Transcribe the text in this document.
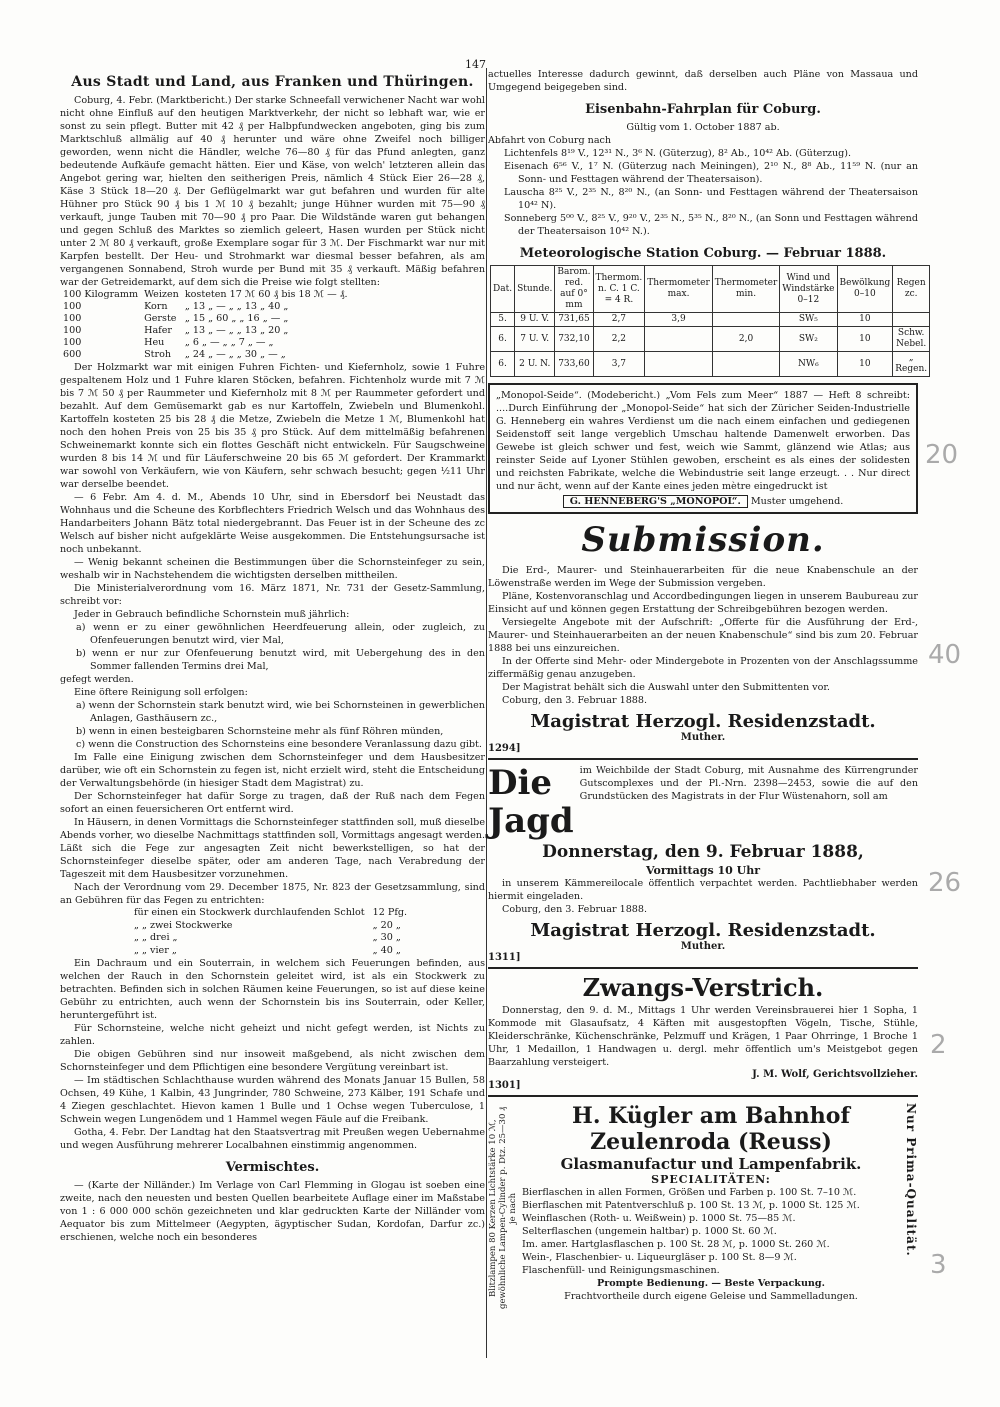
147
Aus Stadt und Land, aus Franken und Thüringen.

Coburg, 4. Febr. (Marktbericht.) Der starke Schneefall verwichener Nacht war wohl nicht ohne Einfluß auf den heutigen Marktverkehr, der nicht so lebhaft war, wie er sonst zu sein pflegt. Butter mit 42 ₰ per Halbpfundwecken angeboten, ging bis zum Marktschluß allmälig auf 40 ₰ herunter und wäre ohne Zweifel noch billiger geworden, wenn nicht die Händler, welche 76—80 ₰ für das Pfund anlegten, ganz bedeutende Aufkäufe gemacht hätten. Eier und Käse, von welch' letzteren allein das Angebot gering war, hielten den seitherigen Preis, nämlich 4 Stück Eier 26—28 ₰, Käse 3 Stück 18—20 ₰. Der Geflügelmarkt war gut befahren und wurden für alte Hühner pro Stück 90 ₰ bis 1 ℳ 10 ₰ bezahlt; junge Hühner wurden mit 75—90 ₰ verkauft, junge Tauben mit 70—90 ₰ pro Paar. Die Wildstände waren gut behangen und gegen Schluß des Marktes so ziemlich geleert, Hasen wurden per Stück nicht unter 2 ℳ 80 ₰ verkauft, große Exemplare sogar für 3 ℳ. Der Fischmarkt war nur mit Karpfen bestellt. Der Heu- und Strohmarkt war diesmal besser befahren, als am vergangenen Sonnabend, Stroh wurde per Bund mit 35 ₰ verkauft. Mäßig befahren war der Getreidemarkt, auf dem sich die Preise wie folgt stellten:

100 Kilogramm	Weizen	kosteten 17 ℳ 60 ₰ bis 18 ℳ — ₰.
100	Korn	„ 13 „ — „ „ 13 „ 40 „
100	Gerste	„ 15 „ 60 „ „ 16 „ — „
100	Hafer	„ 13 „ — „ „ 13 „ 20 „
100	Heu	„ 6 „ — „ „ 7 „ — „
600	Stroh	„ 24 „ — „ „ 30 „ — „

Der Holzmarkt war mit einigen Fuhren Fichten- und Kiefernholz, sowie 1 Fuhre gespaltenem Holz und 1 Fuhre klaren Stöcken, befahren. Fichtenholz wurde mit 7 ℳ bis 7 ℳ 50 ₰ per Raummeter und Kiefernholz mit 8 ℳ per Raummeter gefordert und bezahlt. Auf dem Gemüsemarkt gab es nur Kartoffeln, Zwiebeln und Blumenkohl. Kartoffeln kosteten 25 bis 28 ₰ die Metze, Zwiebeln die Metze 1 ℳ, Blumenkohl hat noch den hohen Preis von 25 bis 35 ₰ pro Stück. Auf dem mittelmäßig befahrenen Schweinemarkt konnte sich ein flottes Geschäft nicht entwickeln. Für Saugschweine wurden 8 bis 14 ℳ und für Läuferschweine 20 bis 65 ℳ gefordert. Der Krammarkt war sowohl von Verkäufern, wie von Käufern, sehr schwach besucht; gegen ½11 Uhr war derselbe beendet.

— 6 Febr. Am 4. d. M., Abends 10 Uhr, sind in Ebersdorf bei Neustadt das Wohnhaus und die Scheune des Korbflechters Friedrich Welsch und das Wohnhaus des Handarbeiters Johann Bätz total niedergebrannt. Das Feuer ist in der Scheune des zc Welsch auf bisher nicht aufgeklärte Weise ausgekommen. Die Entstehungsursache ist noch unbekannt.

— Wenig bekannt scheinen die Bestimmungen über die Schornsteinfeger zu sein, weshalb wir in Nachstehendem die wichtigsten derselben mittheilen.

Die Ministerialverordnung vom 16. März 1871, Nr. 731 der Gesetz-Sammlung, schreibt vor:

Jeder in Gebrauch befindliche Schornstein muß jährlich:

a) wenn er zu einer gewöhnlichen Heerdfeuerung allein, oder zugleich, zu Ofenfeuerungen benutzt wird, vier Mal,

b) wenn er nur zur Ofenfeuerung benutzt wird, mit Uebergehung des in den Sommer fallenden Termins drei Mal,

gefegt werden.

Eine öftere Reinigung soll erfolgen:

a) wenn der Schornstein stark benutzt wird, wie bei Schornsteinen in gewerblichen Anlagen, Gasthäusern zc.,

b) wenn in einen besteigbaren Schornsteine mehr als fünf Röhren münden,

c) wenn die Construction des Schornsteins eine besondere Veranlassung dazu gibt.

Im Falle eine Einigung zwischen dem Schornsteinfeger und dem Hausbesitzer darüber, wie oft ein Schornstein zu fegen ist, nicht erzielt wird, steht die Entscheidung der Verwaltungsbehörde (in hiesiger Stadt dem Magistrat) zu.

Der Schornsteinfeger hat dafür Sorge zu tragen, daß der Ruß nach dem Fegen sofort an einen feuersicheren Ort entfernt wird.

In Häusern, in denen Vormittags die Schornsteinfeger stattfinden soll, muß dieselbe Abends vorher, wo dieselbe Nachmittags stattfinden soll, Vormittags angesagt werden. Läßt sich die Fege zur angesagten Zeit nicht bewerkstelligen, so hat der Schornsteinfeger dieselbe später, oder am anderen Tage, nach Verabredung der Tageszeit mit dem Hausbesitzer vorzunehmen.

Nach der Verordnung vom 29. December 1875, Nr. 823 der Gesetzsammlung, sind an Gebühren für das Fegen zu entrichten:

für einen ein Stockwerk durchlaufenden Schlot	12 Pfg.
„ „ zwei Stockwerke	„ 20 „
„ „ drei „	„ 30 „
„ „ vier „	„ 40 „

Ein Dachraum und ein Souterrain, in welchem sich Feuerungen befinden, aus welchen der Rauch in den Schornstein geleitet wird, ist als ein Stockwerk zu betrachten. Befinden sich in solchen Räumen keine Feuerungen, so ist auf diese keine Gebühr zu entrichten, auch wenn der Schornstein bis ins Souterrain, oder Keller, heruntergeführt ist.

Für Schornsteine, welche nicht geheizt und nicht gefegt werden, ist Nichts zu zahlen.

Die obigen Gebühren sind nur insoweit maßgebend, als nicht zwischen dem Schornsteinfeger und dem Pflichtigen eine besondere Vergütung vereinbart ist.

— Im städtischen Schlachthause wurden während des Monats Januar 15 Bullen, 58 Ochsen, 49 Kühe, 1 Kalbin, 43 Jungrinder, 780 Schweine, 273 Kälber, 191 Schafe und 4 Ziegen geschlachtet. Hievon kamen 1 Bulle und 1 Ochse wegen Tuberculose, 1 Schwein wegen Lungenödem und 1 Hammel wegen Fäule auf die Freibank.

Gotha, 4. Febr. Der Landtag hat den Staatsvertrag mit Preußen wegen Uebernahme und wegen Ausführung mehrerer Localbahnen einstimmig angenommen.

Vermischtes.

— (Karte der Nilländer.) Im Verlage von Carl Flemming in Glogau ist soeben eine zweite, nach den neuesten und besten Quellen bearbeitete Auflage einer im Maßstabe von 1 : 6 000 000 schön gezeichneten und klar gedruckten Karte der Nilländer vom Aequator bis zum Mittelmeer (Aegypten, ägyptischer Sudan, Kordofan, Darfur zc.) erschienen, welche noch ein besonderes

actuelles Interesse dadurch gewinnt, daß derselben auch Pläne von Massaua und Umgegend beigegeben sind.

Eisenbahn-Fahrplan für Coburg.

Gültig vom 1. October 1887 ab.

Abfahrt von Coburg nach

Lichtenfels 8¹⁹ V., 12³¹ N., 3⁶ N. (Güterzug), 8² Ab., 10⁴² Ab. (Güterzug).

Eisenach 6⁵⁶ V., 1⁷ N. (Güterzug nach Meiningen), 2¹⁰ N., 8⁸ Ab., 11⁵⁹ N. (nur an Sonn- und Festtagen während der Theatersaison).

Lauscha 8²⁵ V., 2³⁵ N., 8²⁰ N., (an Sonn- und Festtagen während der Theatersaison 10⁴² N).

Sonneberg 5⁰⁰ V., 8²⁵ V., 9²⁰ V., 2³⁵ N., 5³⁵ N., 8²⁰ N., (an Sonn und Festtagen während der Theatersaison 10⁴² N.).

Meteorologische Station Coburg. — Februar 1888.
Dat.	Stunde.	Barom. red. auf 0° mm	Thermom. n. C. 1 C. = 4 R.	Thermometer max.	Thermometer min.	Wind und Windstärke 0–12	Bewölkung 0–10	Regen zc.
5.	9 U. V.	731,65	2,7	3,9		SW₅	10	
6.	7 U. V.	732,10	2,2		2,0	SW₂	10	Schw. Nebel.
6.	2 U. N.	733,60	3,7			NW₆	10	„ Regen.

„Monopol-Seide“. (Modebericht.) „Vom Fels zum Meer“ 1887 — Heft 8 schreibt: ....Durch Einführung der „Monopol-Seide“ hat sich der Züricher Seiden-Industrielle G. Henneberg ein wahres Verdienst um die nach einem einfachen und gediegenen Seidenstoff seit lange vergeblich Umschau haltende Damenwelt erworben. Das Gewebe ist gleich schwer und fest, weich wie Sammt, glänzend wie Atlas; aus reinster Seide auf Lyoner Stühlen gewoben, erscheint es als eines der solidesten und reichsten Fabrikate, welche die Webindustrie seit lange erzeugt. . . Nur direct und nur ächt, wenn auf der Kante eines jeden mètre eingedruckt ist

G. HENNEBERG'S „MONOPOL“. Muster umgehend.

Submission.

Die Erd-, Maurer- und Steinhauerarbeiten für die neue Knabenschule an der Löwenstraße werden im Wege der Submission vergeben.

Pläne, Kostenvoranschlag und Accordbedingungen liegen in unserem Baubureau zur Einsicht auf und können gegen Erstattung der Schreibgebühren bezogen werden.

Versiegelte Angebote mit der Aufschrift: „Offerte für die Ausführung der Erd-, Maurer- und Steinhauerarbeiten an der neuen Knabenschule“ sind bis zum 20. Februar 1888 bei uns einzureichen.

In der Offerte sind Mehr- oder Mindergebote in Prozenten von der Anschlagssumme ziffermäßig genau anzugeben.

Der Magistrat behält sich die Auswahl unter den Submittenten vor.

Coburg, den 3. Februar 1888.

Magistrat Herzogl. Residenzstadt.
Muther.
1294]
Die Jagd

im Weichbilde der Stadt Coburg, mit Ausnahme des Kürrengrunder Gutscomplexes und der Pl.-Nrn. 2398—2453, sowie die auf den Grundstücken des Magistrats in der Flur Wüstenahorn, soll am

Donnerstag, den 9. Februar 1888,
Vormittags 10 Uhr

in unserem Kämmereilocale öffentlich verpachtet werden. Pachtliebhaber werden hiermit eingeladen.

Coburg, den 3. Februar 1888.

Magistrat Herzogl. Residenzstadt.
Muther.
1311]
Zwangs-Verstrich.

Donnerstag, den 9. d. M., Mittags 1 Uhr werden Vereinsbrauerei hier 1 Sopha, 1 Kommode mit Glasaufsatz, 4 Käften mit ausgestopften Vögeln, Tische, Stühle, Kleiderschränke, Küchenschränke, Pelzmuff und Krägen, 1 Paar Ohrringe, 1 Broche 1 Uhr, 1 Medaillon, 1 Handwagen u. dergl. mehr öffentlich um's Meistgebot gegen Baarzahlung versteigert.

J. M. Wolf, Gerichtsvollzieher.
1301]
Blitzlampen 80 Kerzen Lichtstärke 10 ℳ, gewöhnliche Lampen-Cylinder p. Dtz. 25—30 ₰ je nach
H. Kügler am Bahnhof Zeulenroda (Reuss)
Glasmanufactur und Lampenfabrik.
SPECIALITÄTEN:

Bierflaschen in allen Formen, Größen und Farben p. 100 St. 7–10 ℳ.

Bierflaschen mit Patentverschluß p. 100 St. 13 ℳ, p. 1000 St. 125 ℳ.

Weinflaschen (Roth- u. Weißwein) p. 1000 St. 75—85 ℳ.

Selterflaschen (ungemein haltbar) p. 1000 St. 60 ℳ.

Im. amer. Hartglasflaschen p. 100 St. 28 ℳ, p. 1000 St. 260 ℳ.

Wein-, Flaschenbier- u. Liqueurgläser p. 100 St. 8—9 ℳ.

Flaschenfüll- und Reinigungsmaschinen.

Prompte Bedienung. — Beste Verpackung.

Frachtvortheile durch eigene Geleise und Sammelladungen.

Nur Prima-Qualität.
20
40
26
2
3
